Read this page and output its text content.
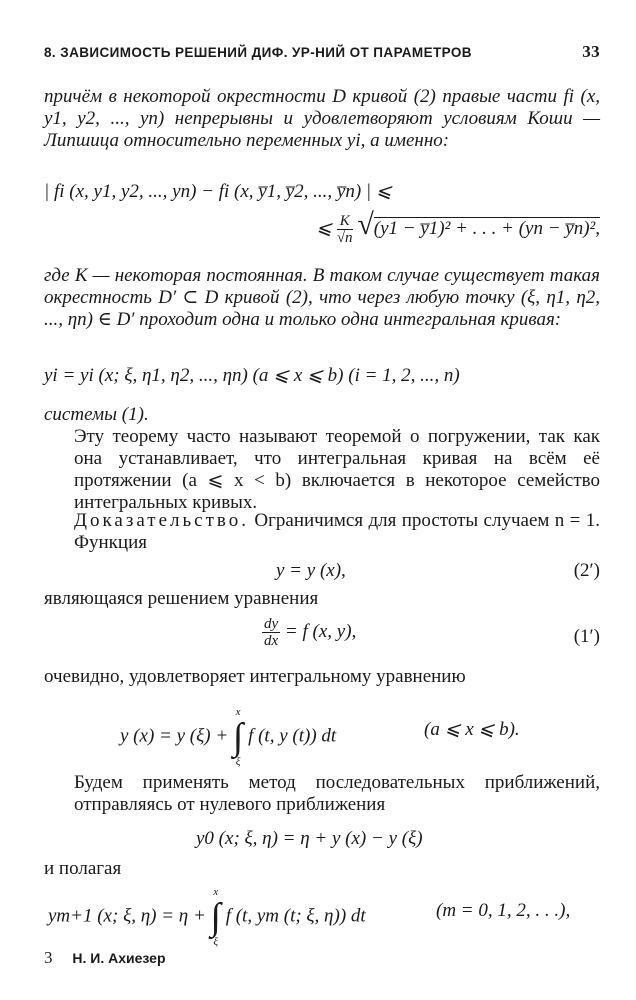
8. ЗАВИСИМОСТЬ РЕШЕНИЙ ДИФ. УР-НИЙ ОТ ПАРАМЕТРОВ	33
причём в некоторой окрестности D кривой (2) правые части fi (x, y1, y2, ..., yn) непрерывны и удовлетворяют условиям Коши — Липшица относительно переменных yi, а именно:
| fi (x, y1, y2, ..., yn) − fi (x, y̅1, y̅2, ..., y̅n) | ⩽
⩽ $\frac{K}{√n} √(y1$ − y̅1)² + . . . + (yn − y̅n)²,
где K — некоторая постоянная. В таком случае существует такая окрестность D′ ⊂ D кривой (2), что через любую точку (ξ, η1, η2, ..., ηn) ∈ D′ проходит одна и только одна интегральная кривая:
yi = yi (x; ξ, η1, η2, ..., ηn) (a ⩽ x ⩽ b) (i = 1, 2, ..., n)
системы (1).
Эту теорему часто называют теоремой о погружении, так как она устанавливает, что интегральная кривая на всём её протяжении (a ⩽ x < b) включается в некоторое семейство интегральных кривых.
Доказательство. Ограничимся для простоты случаем n = 1. Функция
y = y (x),	(2′)
являющаяся решением уравнения
$\frac{dy}{dx} = f$ (x, y),	(1′)
очевидно, удовлетворяет интегральному уравнению
y (x) = y (ξ) +
x
∫
ξ
f (t, y (t)) dt	(a ⩽ x ⩽ b).
Будем применять метод последовательных приближений, отправляясь от нулевого приближения
y0 (x; ξ, η) = η + y (x) − y (ξ)
и полагая
ym+1 (x; ξ, η) = η +
x
∫
ξ
f (t, ym (t; ξ, η)) dt	(m = 0, 1, 2, . . .),
3 Н. И. Ахиезер
